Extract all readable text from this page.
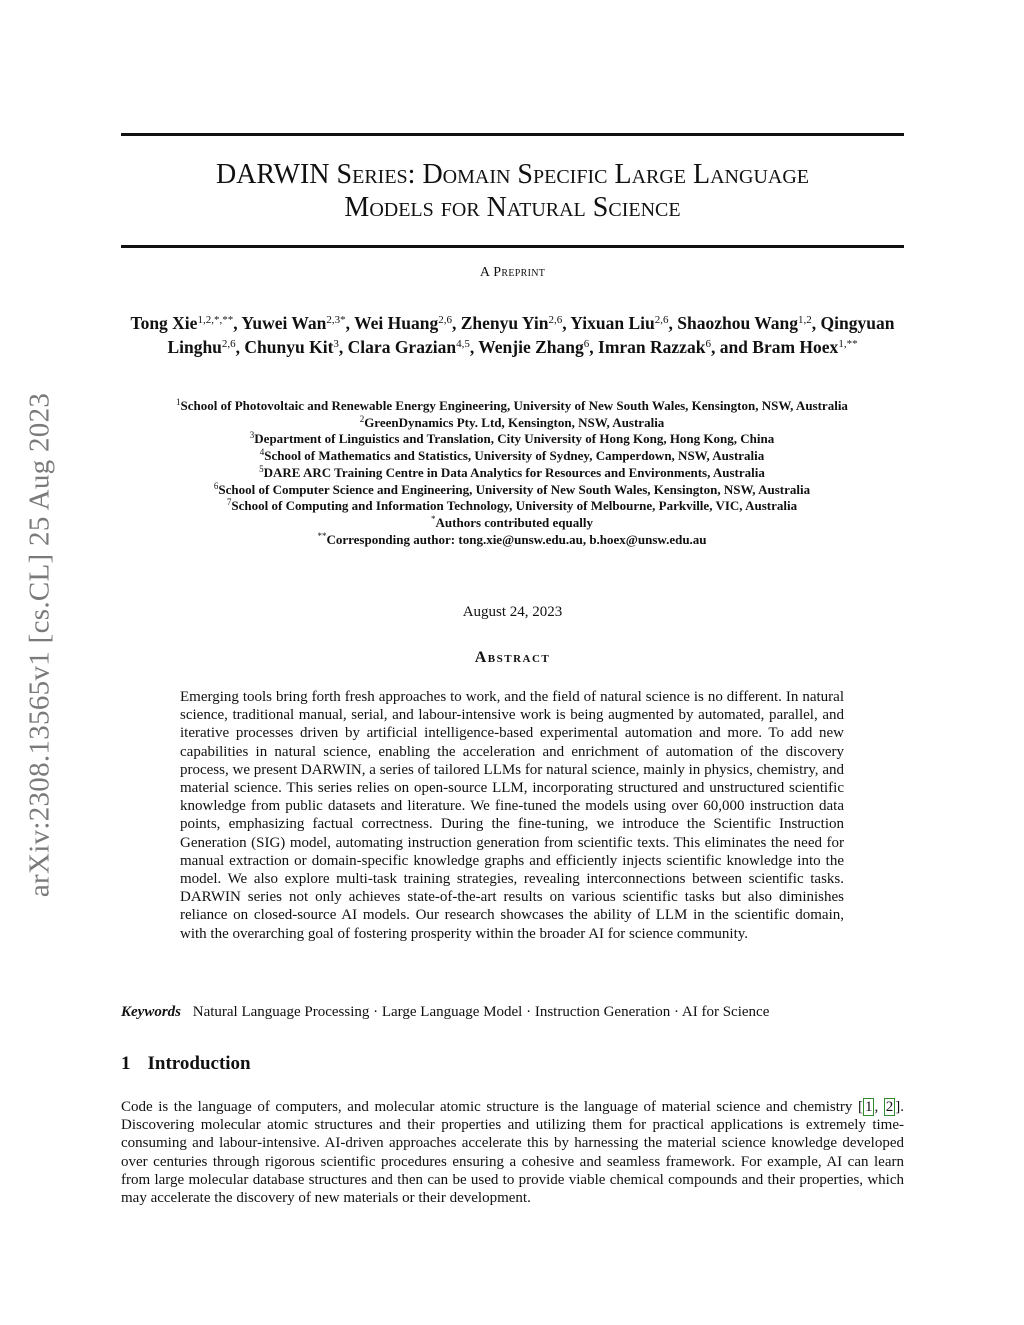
arXiv:2308.13565v1 [cs.CL] 25 Aug 2023
DARWIN Series: Domain Specific Large Language
Models for Natural Science
A Preprint

Tong Xie$^{1,2,*,**}$, Yuwei Wan$^{2,3*}$, Wei Huang$^{2,6}$, Zhenyu Yin$^{2,6}$, Yixuan Liu$^{2,6}$, Shaozhou Wang$^{1,2}$, Qingyuan Linghu$^{2,6}$, Chunyu Kit$^3$, Clara Grazian$^{4,5}$, Wenjie Zhang$^6$, Imran Razzak$^6$, and Bram Hoex$^{1,**}$

$^1$School of Photovoltaic and Renewable Energy Engineering, University of New South Wales, Kensington, NSW, Australia
$^2$GreenDynamics Pty. Ltd, Kensington, NSW, Australia
$^3$Department of Linguistics and Translation, City University of Hong Kong, Hong Kong, China
$^4$School of Mathematics and Statistics, University of Sydney, Camperdown, NSW, Australia
$^5$DARE ARC Training Centre in Data Analytics for Resources and Environments, Australia
$^6$School of Computer Science and Engineering, University of New South Wales, Kensington, NSW, Australia
$^7$School of Computing and Information Technology, University of Melbourne, Parkville, VIC, Australia
*Authors contributed equally
**Corresponding author: tong.xie@unsw.edu.au, b.hoex@unsw.edu.au
August 24, 2023
Abstract

Emerging tools bring forth fresh approaches to work, and the field of natural science is no different. In natural science, traditional manual, serial, and labour-intensive work is being augmented by automated, parallel, and iterative processes driven by artificial intelligence-based experimental automation and more. To add new capabilities in natural science, enabling the acceleration and enrichment of automation of the discovery process, we present DARWIN, a series of tailored LLMs for natural science, mainly in physics, chemistry, and material science. This series relies on open-source LLM, incorporating structured and unstructured scientific knowledge from public datasets and literature. We fine-tuned the models using over 60,000 instruction data points, emphasizing factual correctness. During the fine-tuning, we introduce the Scientific Instruction Generation (SIG) model, automating instruction generation from scientific texts. This eliminates the need for manual extraction or domain-specific knowledge graphs and efficiently injects scientific knowledge into the model. We also explore multi-task training strategies, revealing interconnections between scientific tasks. DARWIN series not only achieves state-of-the-art results on various scientific tasks but also diminishes reliance on closed-source AI models. Our research showcases the ability of LLM in the scientific domain, with the overarching goal of fostering prosperity within the broader AI for science community.

Keywords Natural Language Processing · Large Language Model · Instruction Generation · AI for Science

1 Introduction

Code is the language of computers, and molecular atomic structure is the language of material science and chemistry [ 1 , 2 ]. Discovering molecular atomic structures and their properties and utilizing them for practical applications is extremely time-consuming and labour-intensive. AI-driven approaches accelerate this by harnessing the material science knowledge developed over centuries through rigorous scientific procedures ensuring a cohesive and seamless framework. For example, AI can learn from large molecular database structures and then can be used to provide viable chemical compounds and their properties, which may accelerate the discovery of new materials or their development.
